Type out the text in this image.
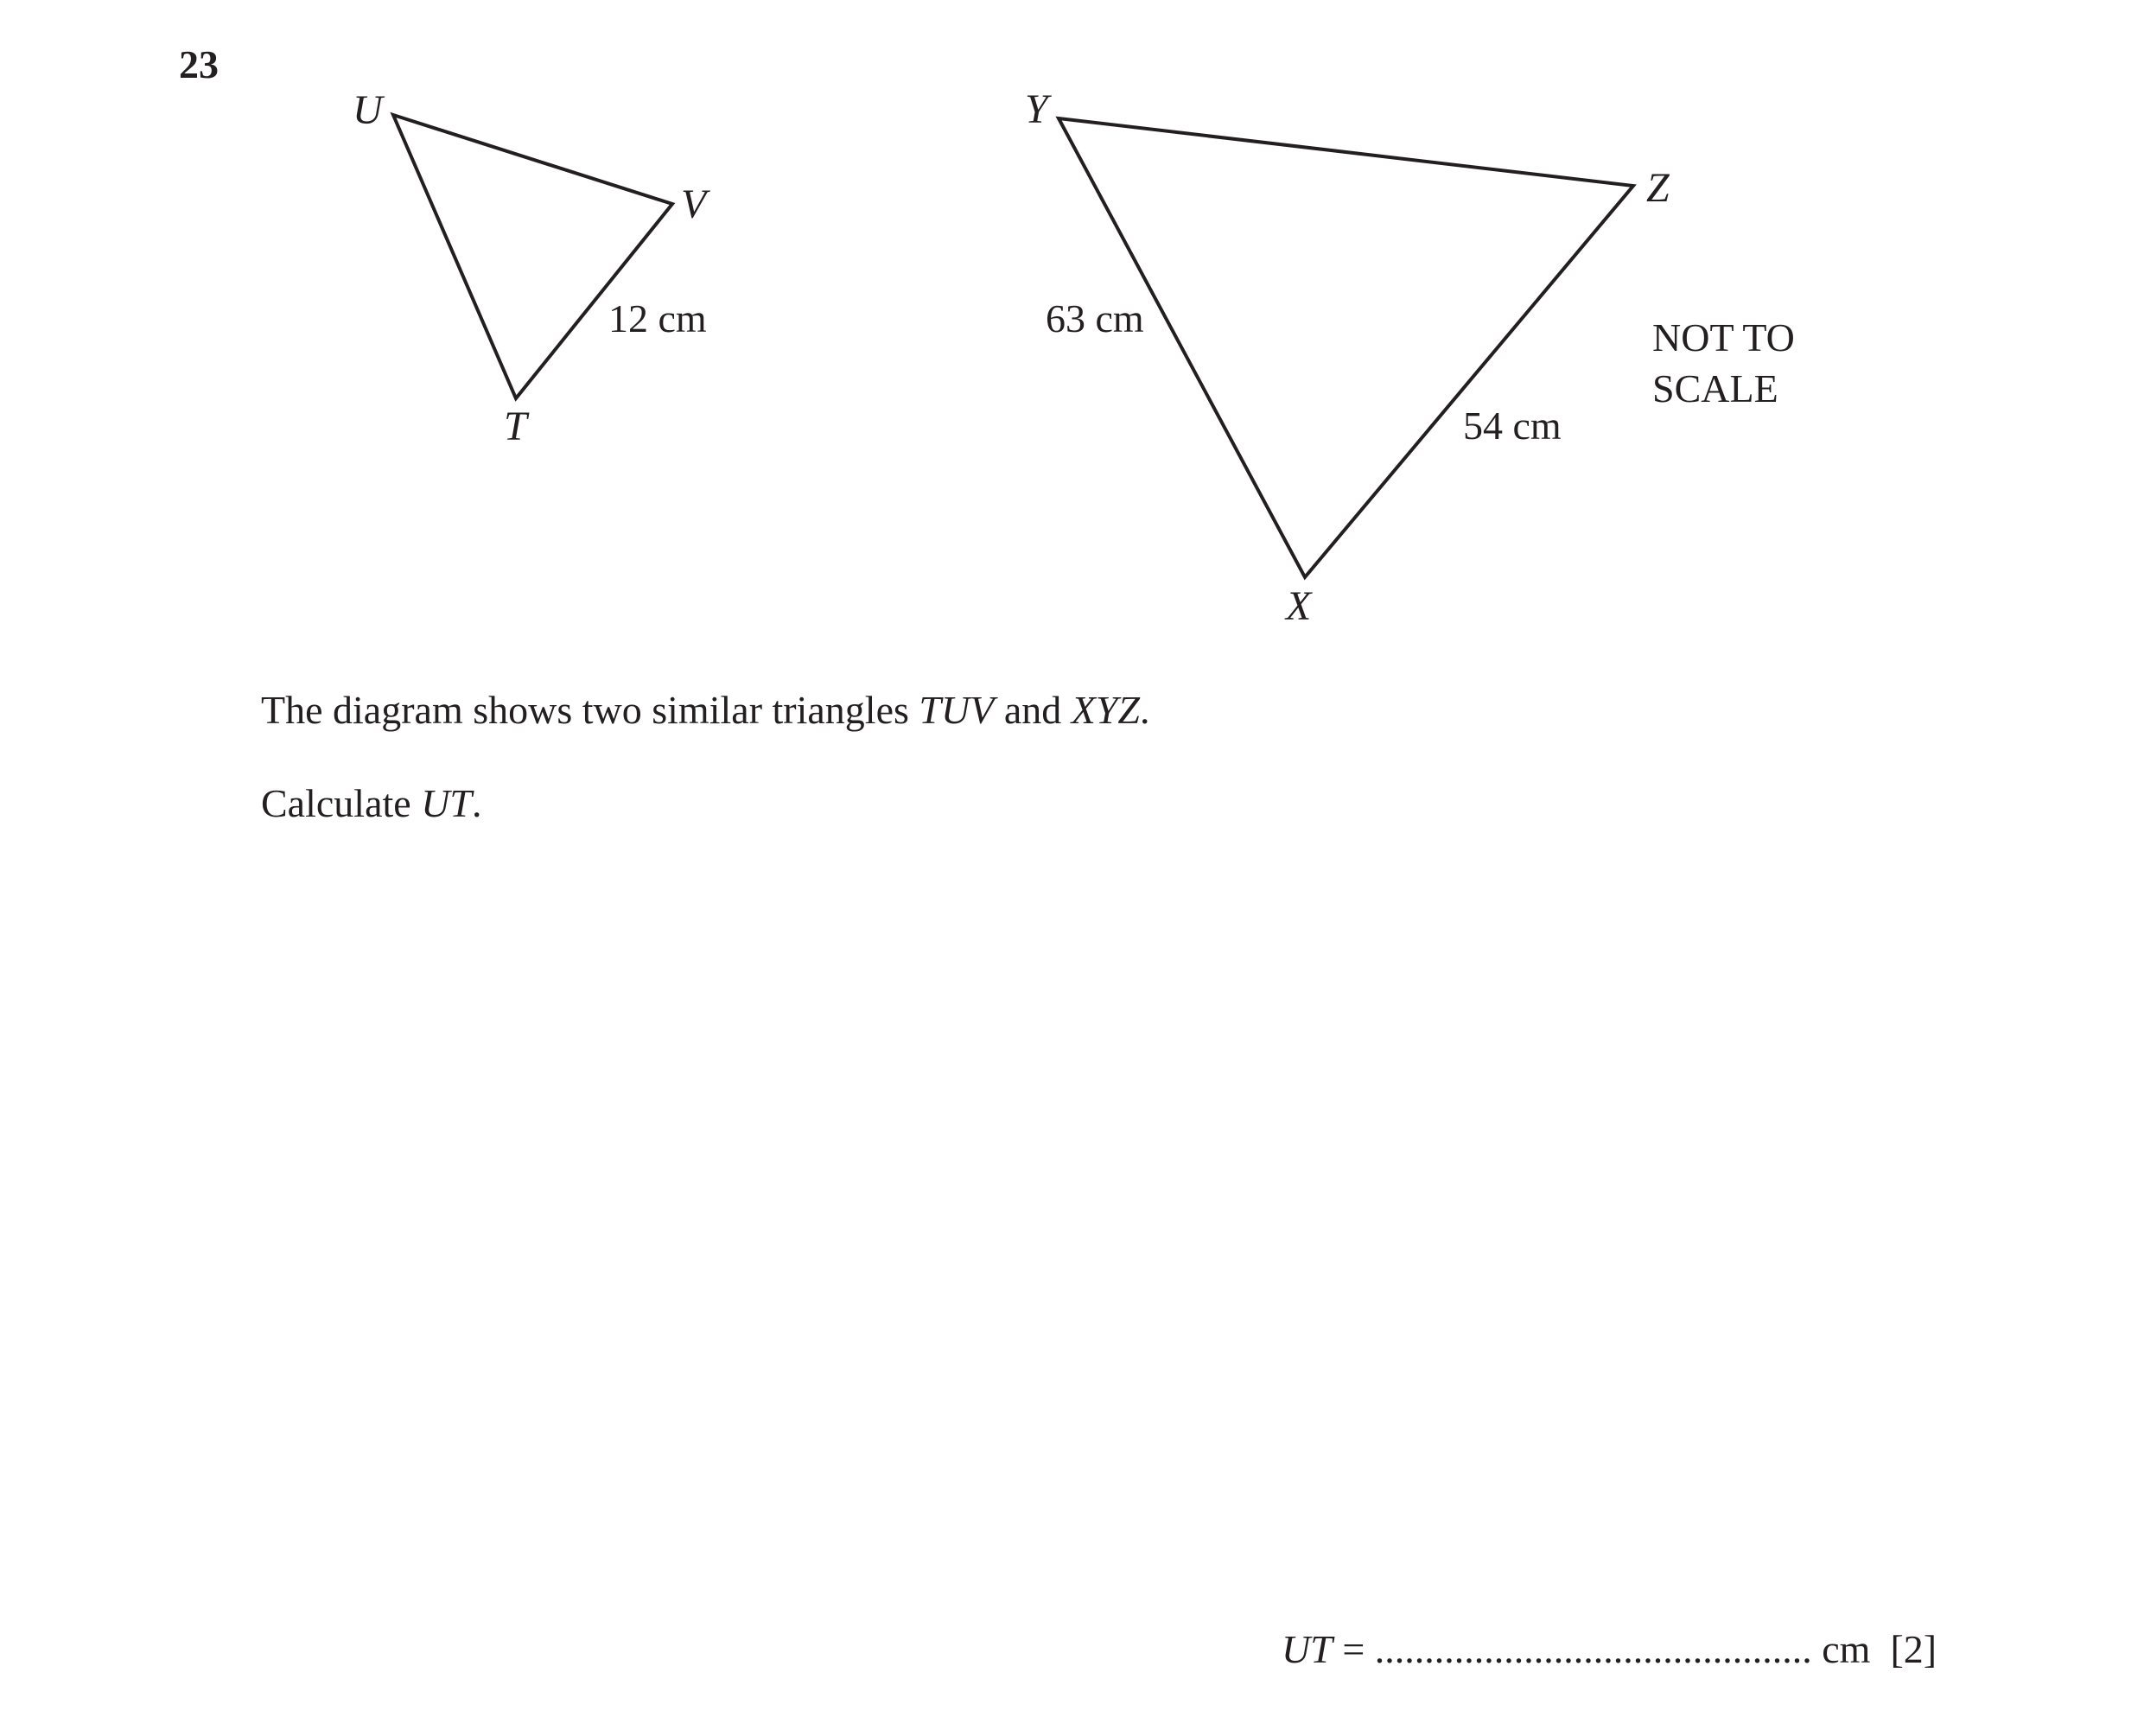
23
U
V
T
12 cm
Y
Z
X
63 cm
54 cm
NOT TO
SCALE
The diagram shows two similar triangles TUV and XYZ.
Calculate UT.
UT = ............................................ cm [2]
